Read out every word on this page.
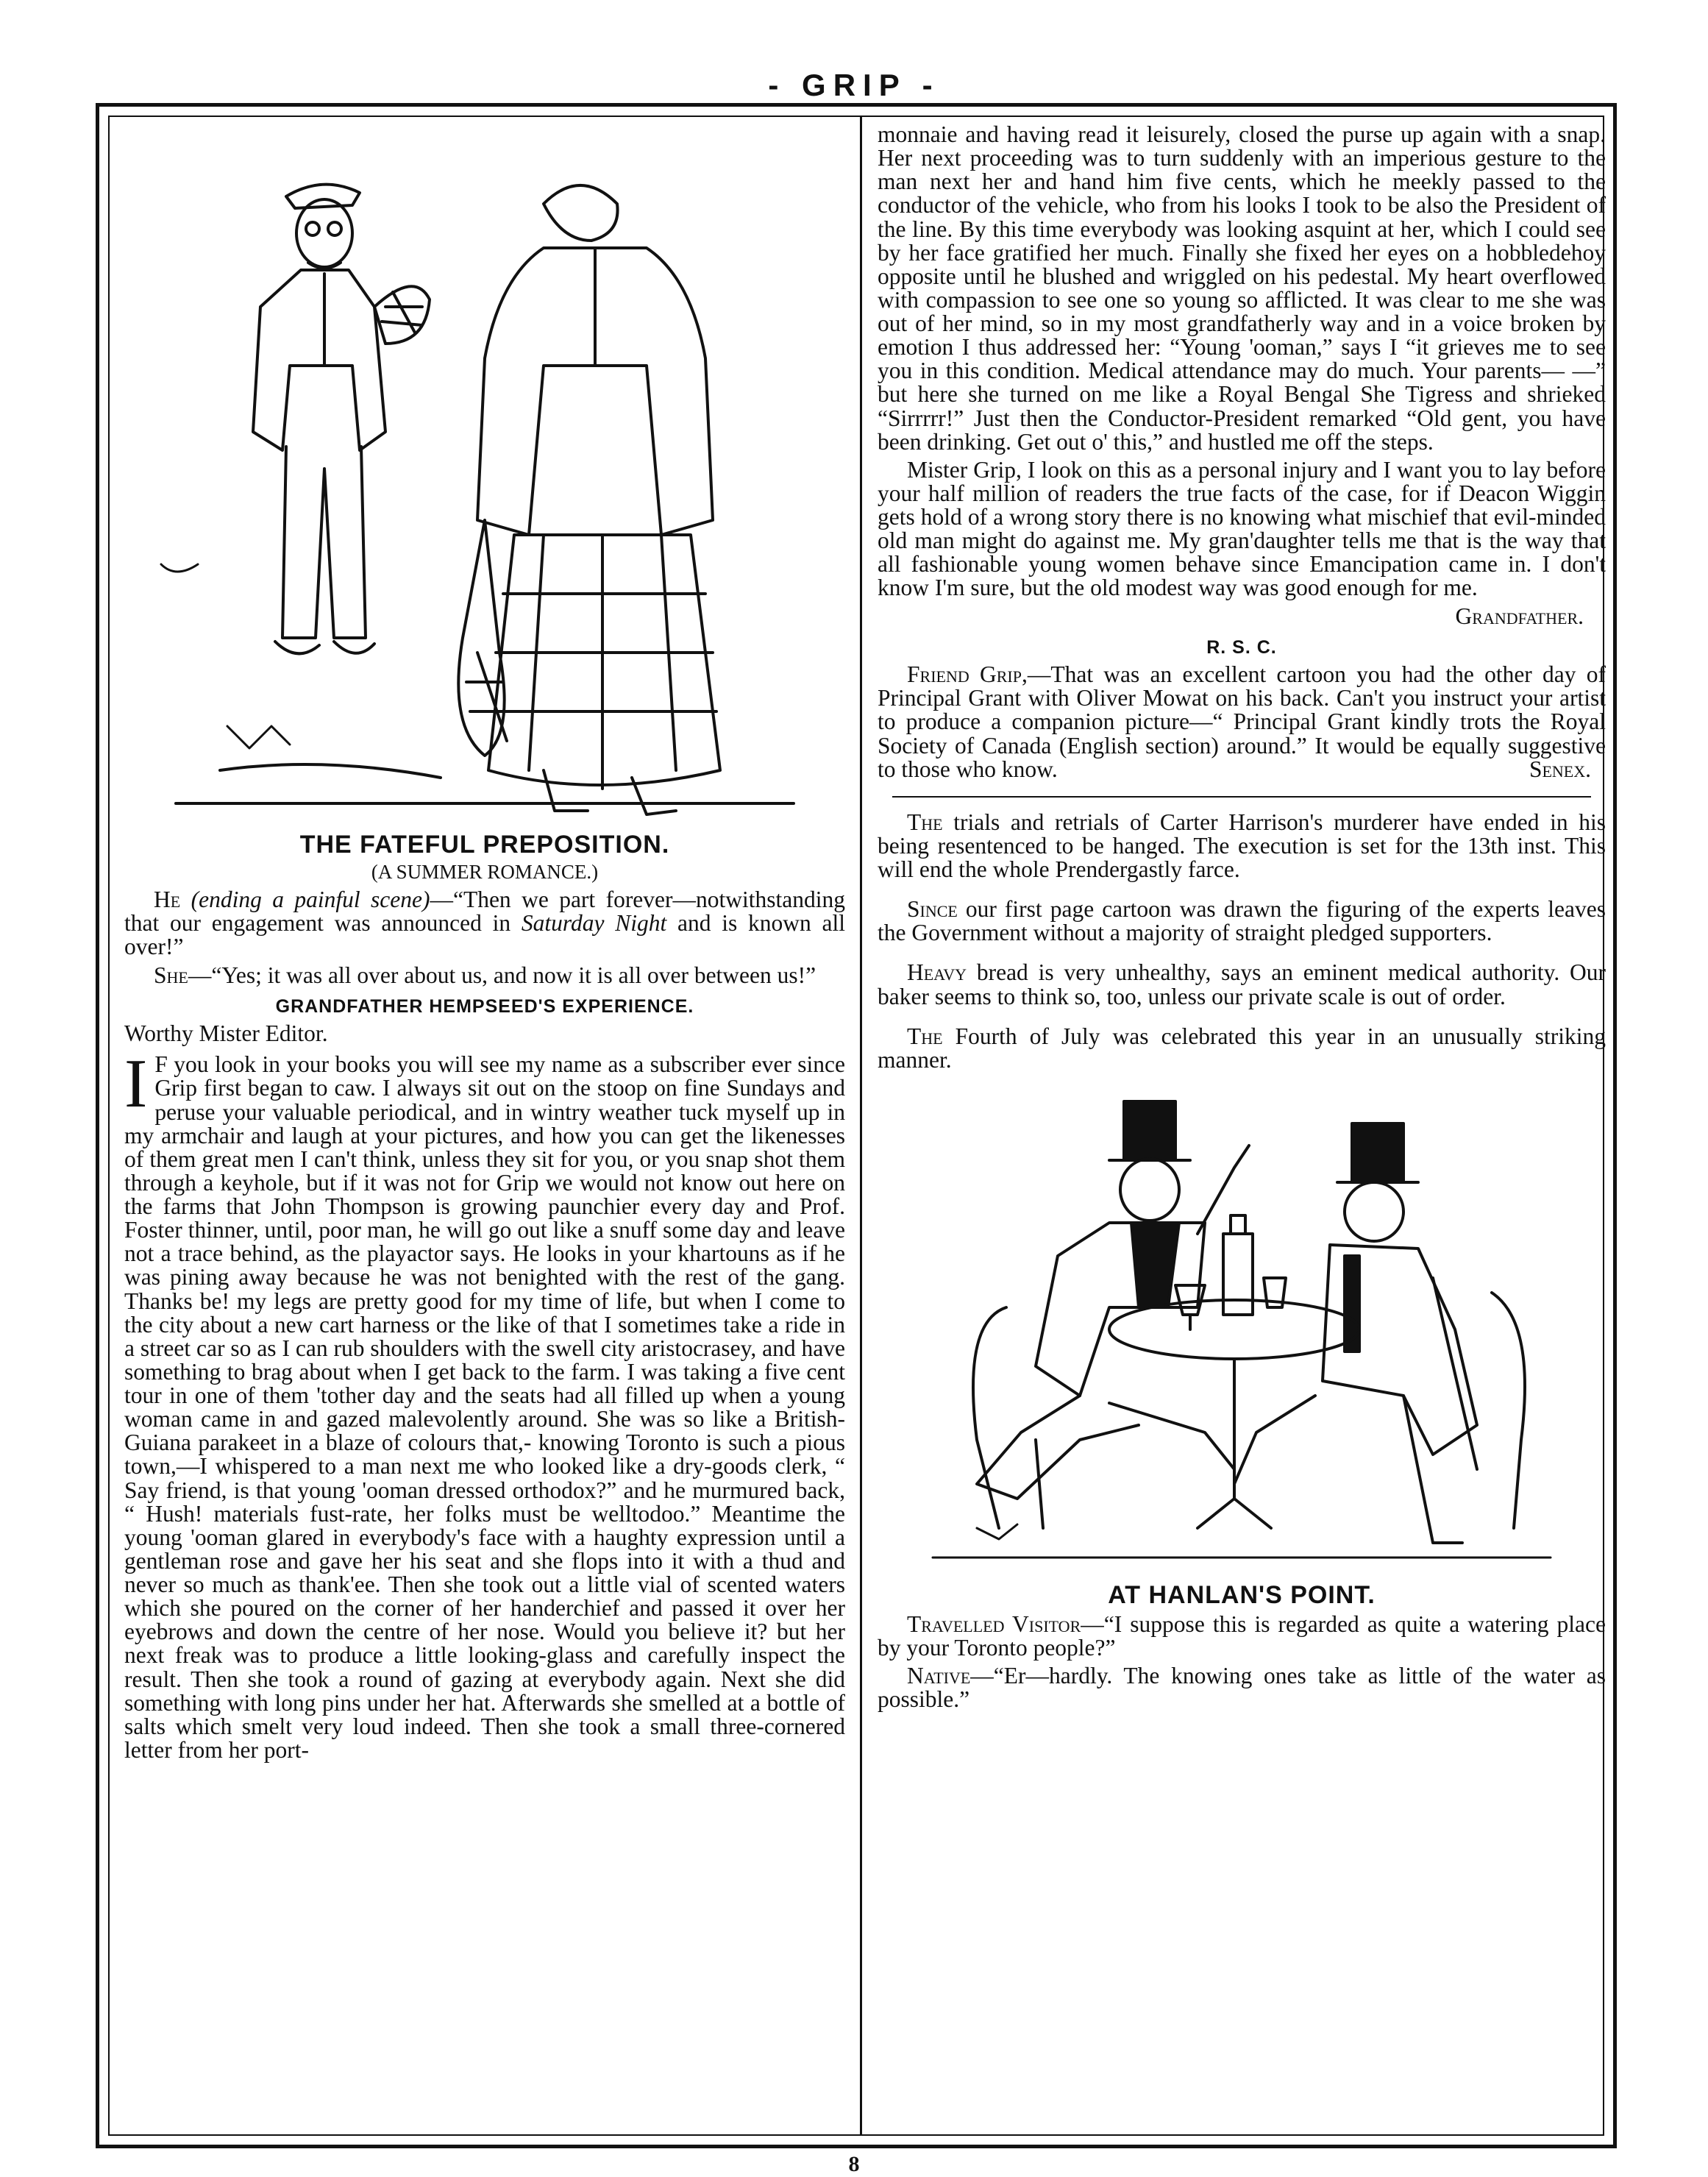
- GRIP -
THE FATEFUL PREPOSITION.
(A SUMMER ROMANCE.)

He (ending a painful scene)—“Then we part forever—notwithstanding that our engagement was announced in Saturday Night and is known all over!”

She—“Yes; it was all over about us, and now it is all over between us!”

GRANDFATHER HEMPSEED'S EXPERIENCE.
Worthy Mister Editor.

I F you look in your books you will see my name as a subscriber ever since Grip first began to caw. I always sit out on the stoop on fine Sundays and peruse your valuable periodical, and in wintry weather tuck myself up in my armchair and laugh at your pictures, and how you can get the likenesses of them great men I can't think, unless they sit for you, or you snap shot them through a keyhole, but if it was not for Grip we would not know out here on the farms that John Thompson is growing paunchier every day and Prof. Foster thinner, until, poor man, he will go out like a snuff some day and leave not a trace behind, as the playactor says. He looks in your khartouns as if he was pining away because he was not benighted with the rest of the gang. Thanks be! my legs are pretty good for my time of life, but when I come to the city about a new cart harness or the like of that I sometimes take a ride in a street car so as I can rub shoulders with the swell city aristocrasey, and have something to brag about when I get back to the farm. I was taking a five cent tour in one of them 'tother day and the seats had all filled up when a young woman came in and gazed malevolently around. She was so like a British-Guiana parakeet in a blaze of colours that,- knowing Toronto is such a pious town,—I whispered to a man next me who looked like a dry-goods clerk, “ Say friend, is that young 'ooman dressed orthodox?” and he murmured back, “ Hush! materials fust-rate, her folks must be welltodoo.” Meantime the young 'ooman glared in everybody's face with a haughty expression until a gentleman rose and gave her his seat and she flops into it with a thud and never so much as thank'ee. Then she took out a little vial of scented waters which she poured on the corner of her handerchief and passed it over her eyebrows and down the centre of her nose. Would you believe it? but her next freak was to produce a little looking-glass and carefully inspect the result. Then she took a round of gazing at everybody again. Next she did something with long pins under her hat. Afterwards she smelled at a bottle of salts which smelt very loud indeed. Then she took a small three-cornered letter from her port-

monnaie and having read it leisurely, closed the purse up again with a snap. Her next proceeding was to turn suddenly with an imperious gesture to the man next her and hand him five cents, which he meekly passed to the conductor of the vehicle, who from his looks I took to be also the President of the line. By this time everybody was looking asquint at her, which I could see by her face gratified her much. Finally she fixed her eyes on a hobbledehoy opposite until he blushed and wriggled on his pedestal. My heart overflowed with compassion to see one so young so afflicted. It was clear to me she was out of her mind, so in my most grandfatherly way and in a voice broken by emotion I thus addressed her: “Young 'ooman,” says I “it grieves me to see you in this condition. Medical attendance may do much. Your parents— —” but here she turned on me like a Royal Bengal She Tigress and shrieked “Sirrrrr!” Just then the Conductor-President remarked “Old gent, you have been drinking. Get out o' this,” and hustled me off the steps.

Mister Grip, I look on this as a personal injury and I want you to lay before your half million of readers the true facts of the case, for if Deacon Wiggin gets hold of a wrong story there is no knowing what mischief that evil-minded old man might do against me. My gran'daughter tells me that is the way that all fashionable young women behave since Emancipation came in. I don't know I'm sure, but the old modest way was good enough for me.

Grandfather.
R. S. C.

Friend Grip,—That was an excellent cartoon you had the other day of Principal Grant with Oliver Mowat on his back. Can't you instruct your artist to produce a companion picture—“ Principal Grant kindly trots the Royal Society of Canada (English section) around.” It would be equally suggestive to those who know.	Senex.

The trials and retrials of Carter Harrison's murderer have ended in his being resentenced to be hanged. The execution is set for the 13th inst. This will end the whole Prendergastly farce.

Since our first page cartoon was drawn the figuring of the experts leaves the Government without a majority of straight pledged supporters.

Heavy bread is very unhealthy, says an eminent medical authority. Our baker seems to think so, too, unless our private scale is out of order.

The Fourth of July was celebrated this year in an unusually striking manner.

AT HANLAN'S POINT.

Travelled Visitor—“I suppose this is regarded as quite a watering place by your Toronto people?”

Native—“Er—hardly. The knowing ones take as little of the water as possible.”

8
